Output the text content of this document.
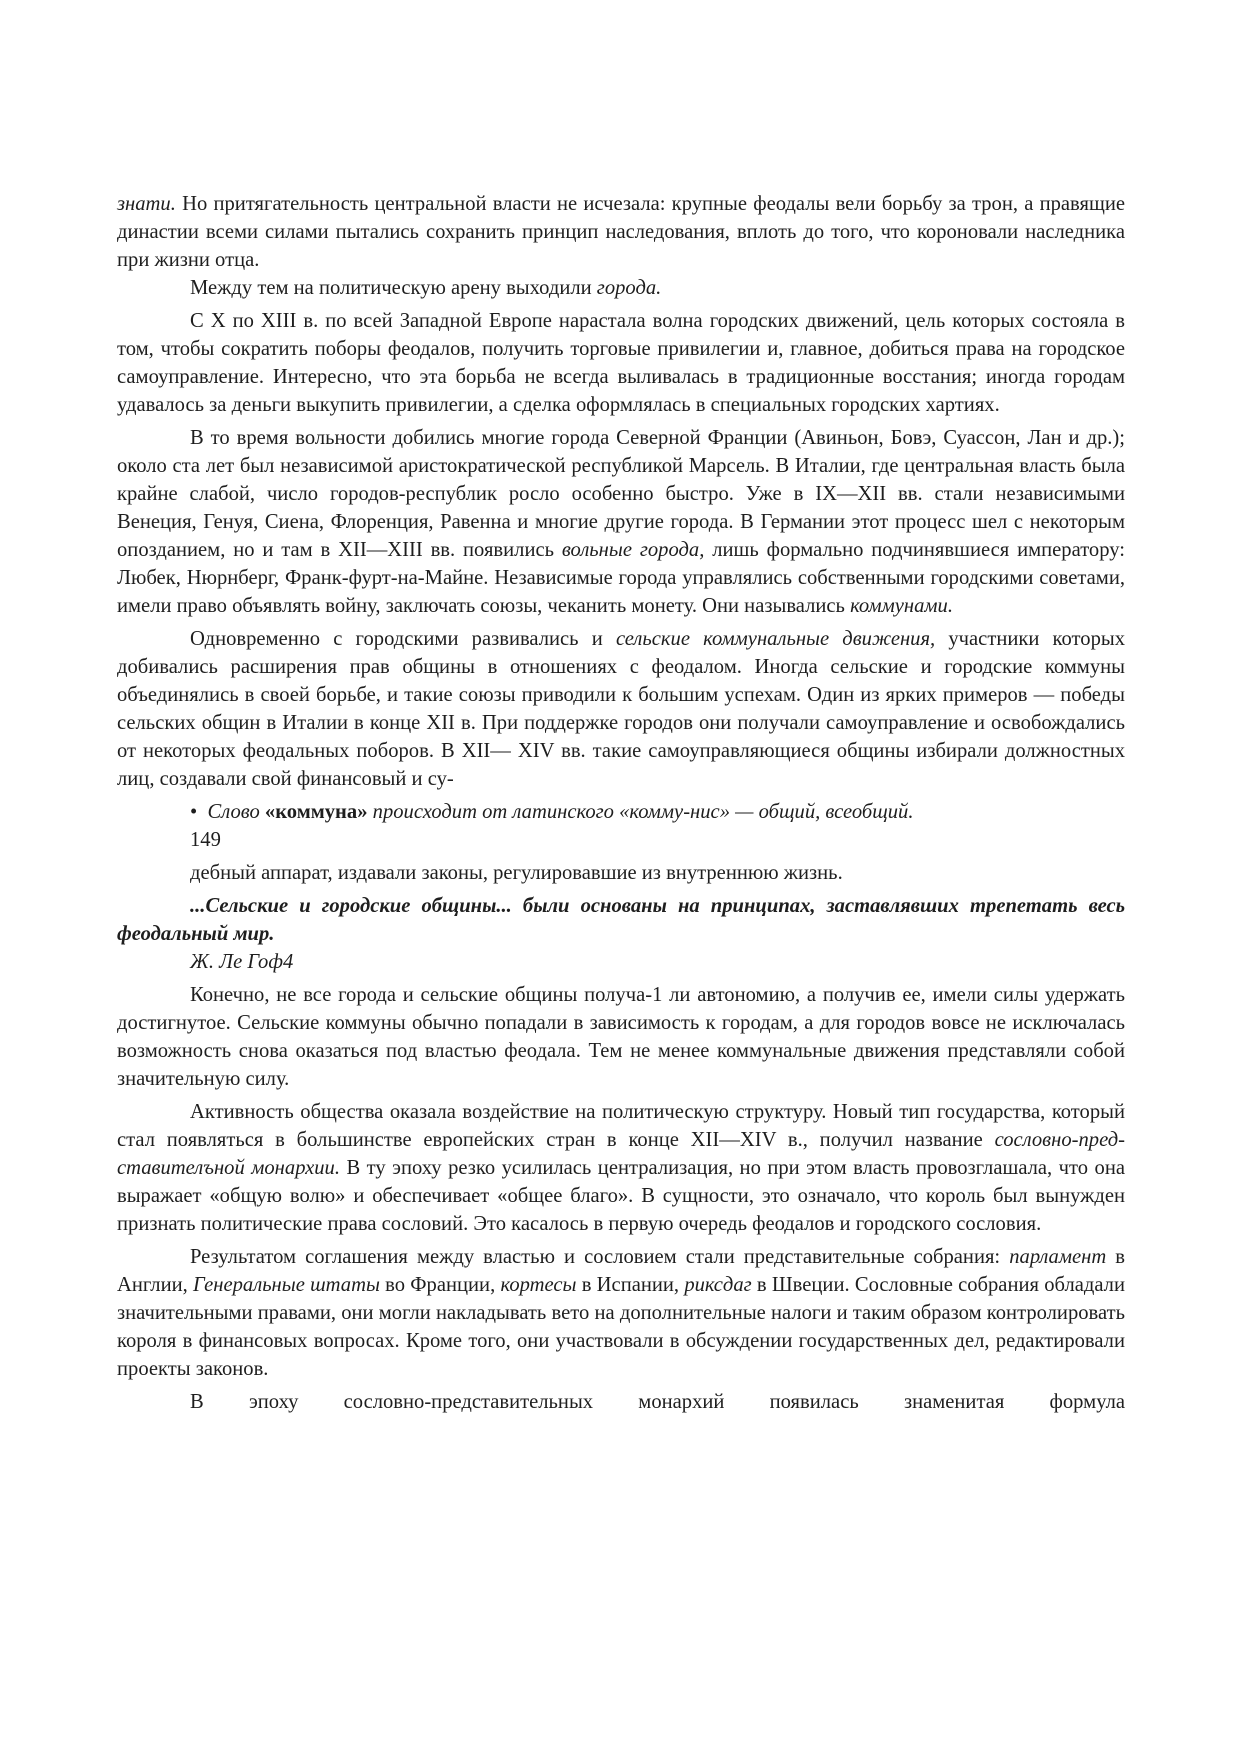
знати. Но притягательность центральной власти не исчезала: крупные феодалы вели борьбу за трон, а правящие династии всеми силами пытались сохранить принцип наследования, вплоть до того, что короновали наследника при жизни отца.

Между тем на политическую арену выходили города.

С X по XIII в. по всей Западной Европе нарастала волна городских движений, цель которых состояла в том, чтобы сократить поборы феодалов, получить торговые привилегии и, главное, добиться права на городское самоуправление. Интересно, что эта борьба не всегда выливалась в традиционные восстания; иногда городам удавалось за деньги выкупить привилегии, а сделка оформлялась в специальных городских хартиях.

В то время вольности добились многие города Северной Франции (Авиньон, Бовэ, Суассон, Лан и др.); около ста лет был независимой аристократической республикой Марсель. В Италии, где центральная власть была крайне слабой, число городов-республик росло особенно быстро. Уже в IX—XII вв. стали независимыми Венеция, Генуя, Сиена, Флоренция, Равенна и многие другие города. В Германии этот процесс шел с некоторым опозданием, но и там в XII—XIII вв. появились вольные города, лишь формально подчинявшиеся императору: Любек, Нюрнберг, Франк-фурт-на-Майне. Независимые города управлялись собственными городскими советами, имели право объявлять войну, заключать союзы, чеканить монету. Они назывались коммунами.

Одновременно с городскими развивались и сельские коммунальные движения, участники которых добивались расширения прав общины в отношениях с феодалом. Иногда сельские и городские коммуны объединялись в своей борьбе, и такие союзы приводили к большим успехам. Один из ярких примеров — победы сельских общин в Италии в конце XII в. При поддержке городов они получали самоуправление и освобождались от некоторых феодальных поборов. В XII— XIV вв. такие самоуправляющиеся общины избирали должностных лиц, создавали свой финансовый и су-

• Слово «коммуна» происходит от латинского «комму-нис» — общий, всеобщий.

149

дебный аппарат, издавали законы, регулировавшие из внутреннюю жизнь.

...Сельские и городские общины... были основаны на принципах, заставлявших трепетать весь феодальный мир.

Ж. Ле Гоф4

Конечно, не все города и сельские общины получа-1 ли автономию, а получив ее, имели силы удержать достигнутое. Сельские коммуны обычно попадали в зависимость к городам, а для городов вовсе не исключалась возможность снова оказаться под властью феодала. Тем не менее коммунальные движения представляли собой значительную силу.

Активность общества оказала воздействие на политическую структуру. Новый тип государства, который стал появляться в большинстве европейских стран в конце XII—XIV в., получил название сословно-пред-ставителъной монархии. В ту эпоху резко усилилась централизация, но при этом власть провозглашала, что она выражает «общую волю» и обеспечивает «общее благо». В сущности, это означало, что король был вынужден признать политические права сословий. Это касалось в первую очередь феодалов и городского сословия.

Результатом соглашения между властью и сословием стали представительные собрания: парламент в Англии, Генеральные штаты во Франции, кортесы в Испании, риксдаг в Швеции. Сословные собрания обладали значительными правами, они могли накладывать вето на дополнительные налоги и таким образом контролировать короля в финансовых вопросах. Кроме того, они участвовали в обсуждении государственных дел, редактировали проекты законов.

В эпоху сословно-представительных монархий появилась знаменитая формула
